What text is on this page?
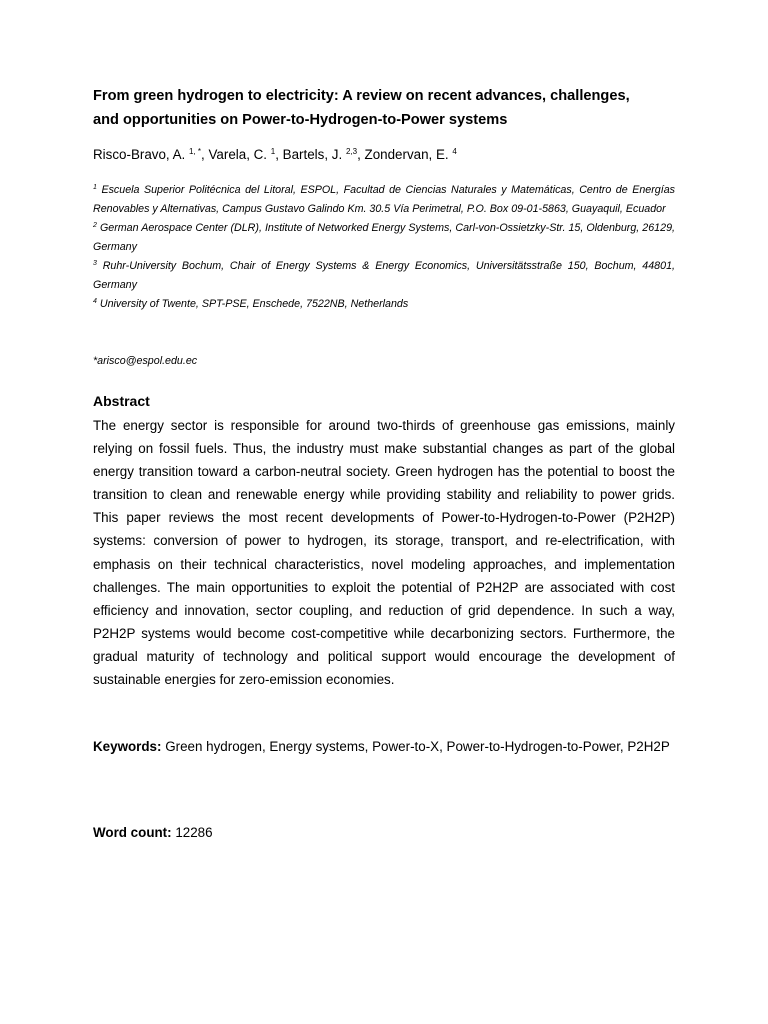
From green hydrogen to electricity: A review on recent advances, challenges,
and opportunities on Power-to-Hydrogen-to-Power systems
Risco-Bravo, A. $^{1, *}$, Varela, C. $^1$, Bartels, J. $^{2,3}$, Zondervan, E. $^4$
$^1$ Escuela Superior Politécnica del Litoral, ESPOL, Facultad de Ciencias Naturales y Matemáticas, Centro de Energías Renovables y Alternativas, Campus Gustavo Galindo Km. 30.5 Vía Perimetral, P.O. Box 09-01-5863, Guayaquil, Ecuador
$^2$ German Aerospace Center (DLR), Institute of Networked Energy Systems, Carl-von-Ossietzky-Str. 15, Oldenburg, 26129, Germany
$^3$ Ruhr-University Bochum, Chair of Energy Systems & Energy Economics, Universitätsstraße 150, Bochum, 44801, Germany
$^4$ University of Twente, SPT-PSE, Enschede, 7522NB, Netherlands
*arisco@espol.edu.ec
Abstract

The energy sector is responsible for around two-thirds of greenhouse gas emissions, mainly relying on fossil fuels. Thus, the industry must make substantial changes as part of the global energy transition toward a carbon-neutral society. Green hydrogen has the potential to boost the transition to clean and renewable energy while providing stability and reliability to power grids. This paper reviews the most recent developments of Power-to-Hydrogen-to-Power (P2H2P) systems: conversion of power to hydrogen, its storage, transport, and re-electrification, with emphasis on their technical characteristics, novel modeling approaches, and implementation challenges. The main opportunities to exploit the potential of P2H2P are associated with cost efficiency and innovation, sector coupling, and reduction of grid dependence. In such a way, P2H2P systems would become cost-competitive while decarbonizing sectors. Furthermore, the gradual maturity of technology and political support would encourage the development of sustainable energies for zero-emission economies.

Keywords: Green hydrogen, Energy systems, Power-to-X, Power-to-Hydrogen-to-Power, P2H2P

Word count: 12286
